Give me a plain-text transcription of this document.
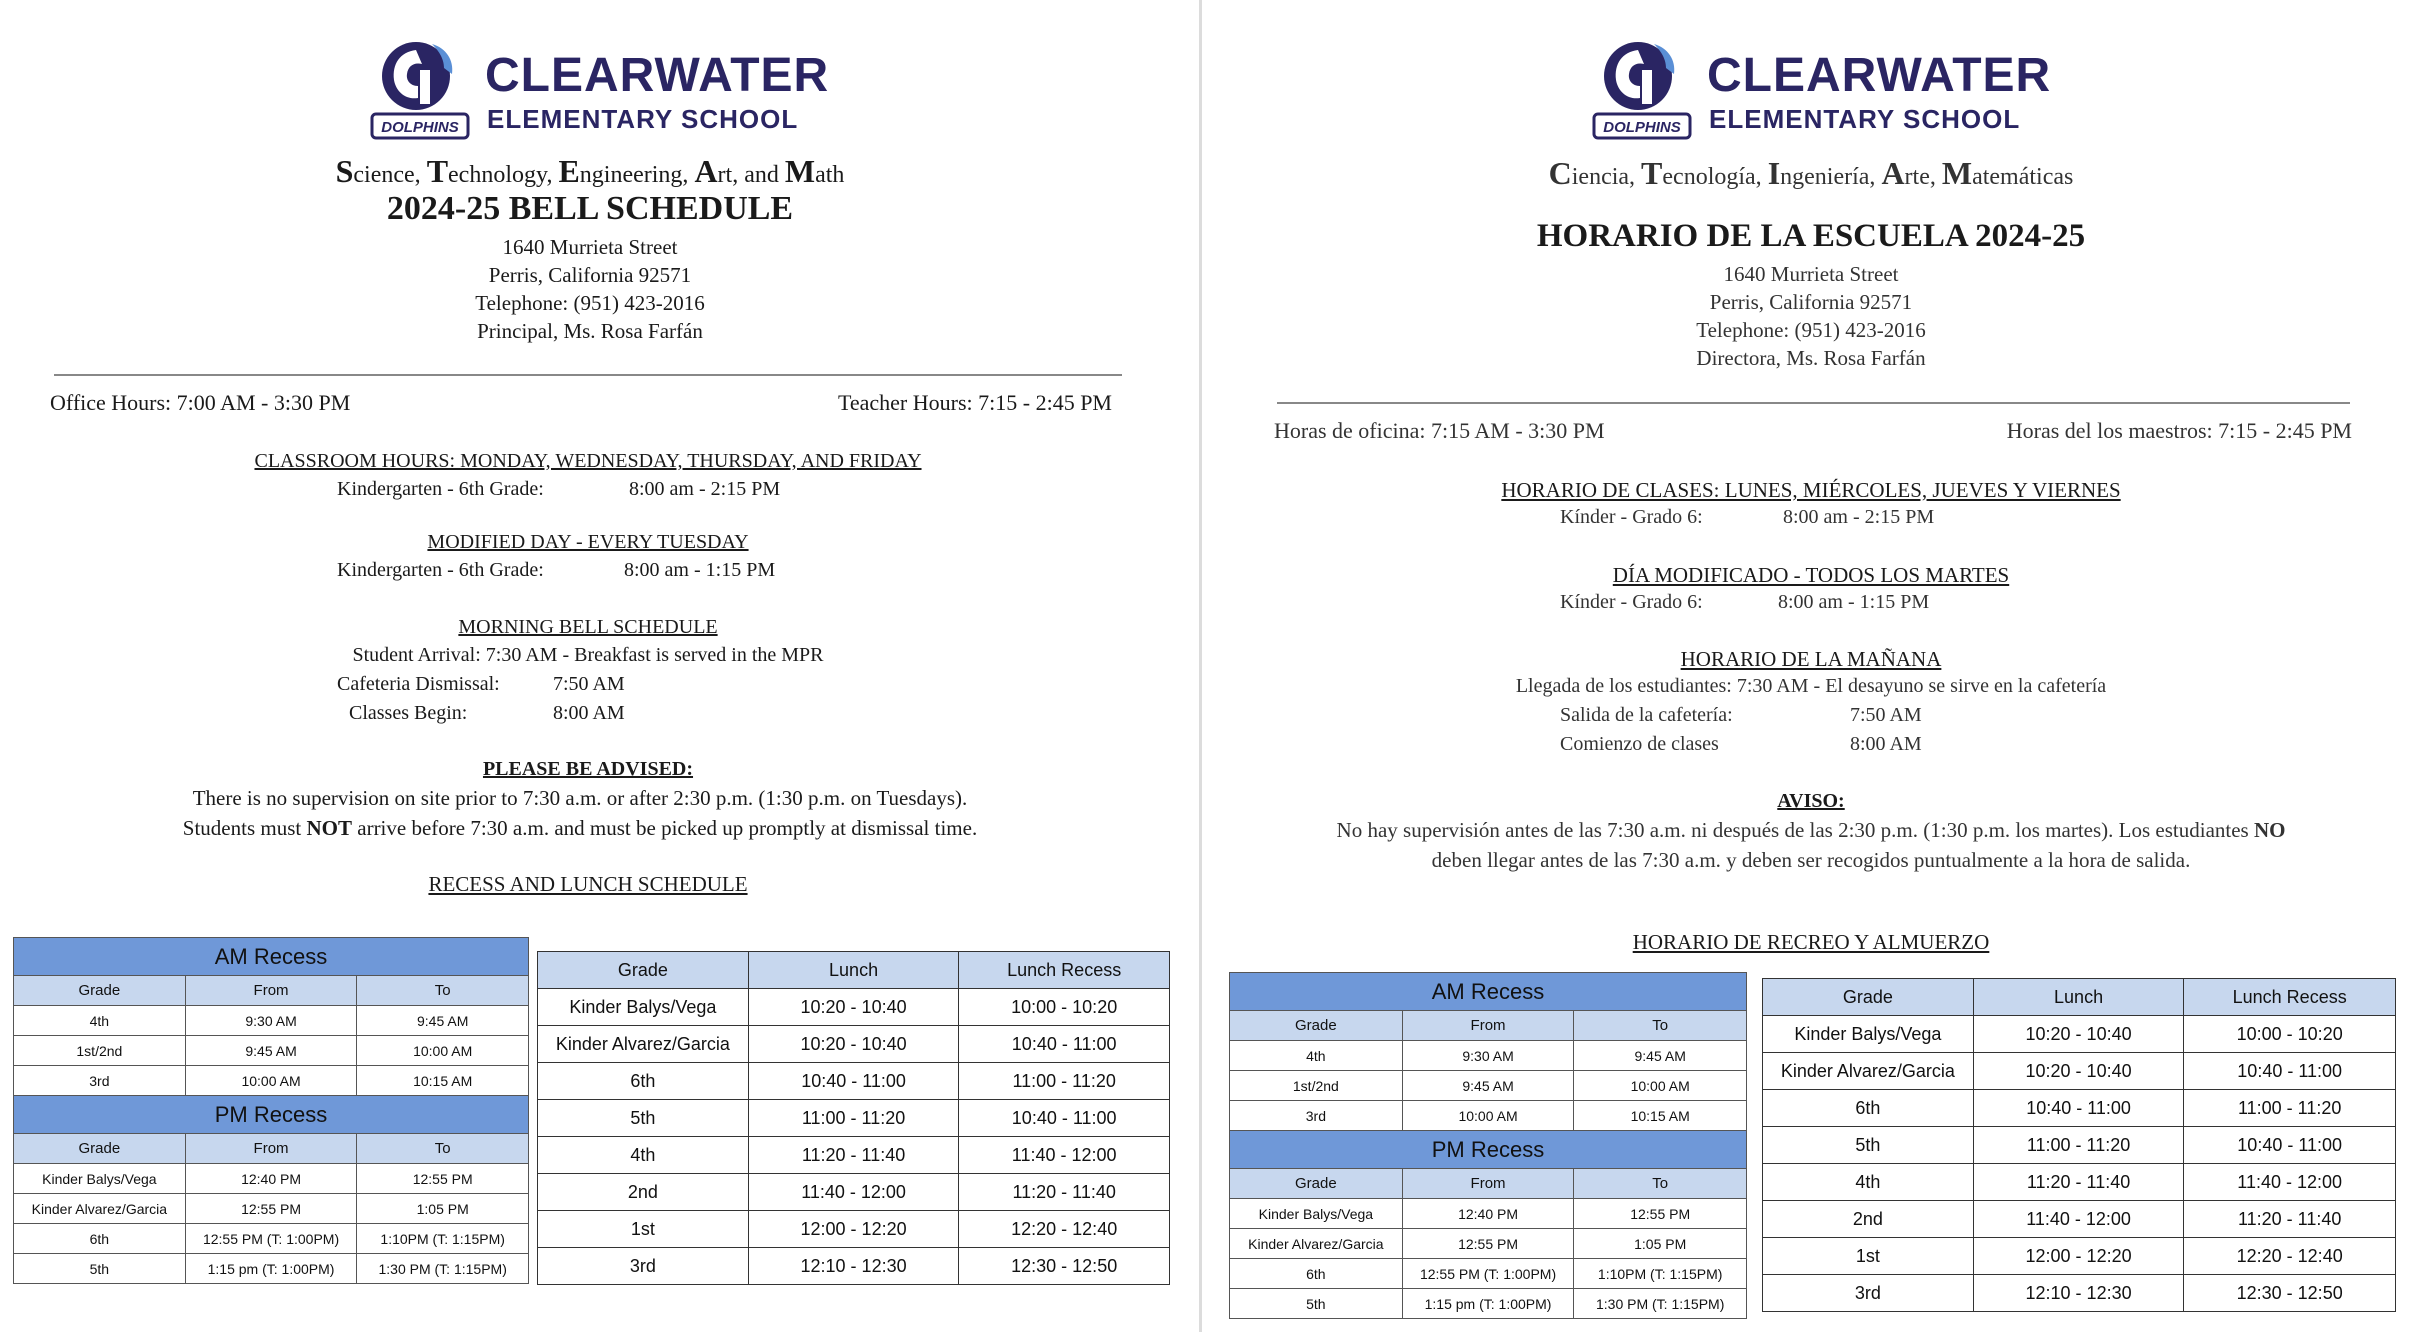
DOLPHINS
CLEARWATER
ELEMENTARY SCHOOL
Science, Technology, Engineering, Art, and Math
2024-25 BELL SCHEDULE
1640 Murrieta Street
Perris, California 92571
Telephone: (951) 423-2016
Principal, Ms. Rosa Farfán
Office Hours: 7:00 AM - 3:30 PM	Teacher Hours: 7:15 - 2:45 PM
CLASSROOM HOURS: MONDAY, WEDNESDAY, THURSDAY, AND FRIDAY
Kindergarten - 6th Grade:	8:00 am - 2:15 PM
MODIFIED DAY - EVERY TUESDAY
Kindergarten - 6th Grade:	8:00 am - 1:15 PM
MORNING BELL SCHEDULE
Student Arrival: 7:30 AM - Breakfast is served in the MPR
Cafeteria Dismissal:	7:50 AM
Classes Begin:	8:00 AM
PLEASE BE ADVISED:
There is no supervision on site prior to 7:30 a.m. or after 2:30 p.m. (1:30 p.m. on Tuesdays).
Students must NOT arrive before 7:30 a.m. and must be picked up promptly at dismissal time.
RECESS AND LUNCH SCHEDULE
AM Recess		
Grade	From	To
4th	9:30 AM	9:45 AM
1st/2nd	9:45 AM	10:00 AM
3rd	10:00 AM	10:15 AM
PM Recess		
Grade	From	To
Kinder Balys/Vega	12:40 PM	12:55 PM
Kinder Alvarez/Garcia	12:55 PM	1:05 PM
6th	12:55 PM (T: 1:00PM)	1:10PM (T: 1:15PM)
5th	1:15 pm (T: 1:00PM)	1:30 PM (T: 1:15PM)
Grade	Lunch	Lunch Recess
Kinder Balys/Vega	10:20 - 10:40	10:00 - 10:20
Kinder Alvarez/Garcia	10:20 - 10:40	10:40 - 11:00
6th	10:40 - 11:00	11:00 - 11:20
5th	11:00 - 11:20	10:40 - 11:00
4th	11:20 - 11:40	11:40 - 12:00
2nd	11:40 - 12:00	11:20 - 11:40
1st	12:00 - 12:20	12:20 - 12:40
3rd	12:10 - 12:30	12:30 - 12:50
DOLPHINS
CLEARWATER
ELEMENTARY SCHOOL
Ciencia, Tecnología, Ingeniería, Arte, Matemáticas
HORARIO DE LA ESCUELA 2024-25
1640 Murrieta Street
Perris, California 92571
Telephone: (951) 423-2016
Directora, Ms. Rosa Farfán
Horas de oficina: 7:15 AM - 3:30 PM	Horas del los maestros: 7:15 - 2:45 PM
HORARIO DE CLASES: LUNES, MIÉRCOLES, JUEVES Y VIERNES
Kínder - Grado 6:	8:00 am - 2:15 PM
DÍA MODIFICADO - TODOS LOS MARTES
Kínder - Grado 6:	8:00 am - 1:15 PM
HORARIO DE LA MAÑANA
Llegada de los estudiantes: 7:30 AM - El desayuno se sirve en la cafetería
Salida de la cafetería:	7:50 AM
Comienzo de clases	8:00 AM
AVISO:
No hay supervisión antes de las 7:30 a.m. ni después de las 2:30 p.m. (1:30 p.m. los martes). Los estudiantes NO
deben llegar antes de las 7:30 a.m. y deben ser recogidos puntualmente a la hora de salida.
HORARIO DE RECREO Y ALMUERZO
AM Recess		
Grade	From	To
4th	9:30 AM	9:45 AM
1st/2nd	9:45 AM	10:00 AM
3rd	10:00 AM	10:15 AM
PM Recess		
Grade	From	To
Kinder Balys/Vega	12:40 PM	12:55 PM
Kinder Alvarez/Garcia	12:55 PM	1:05 PM
6th	12:55 PM (T: 1:00PM)	1:10PM (T: 1:15PM)
5th	1:15 pm (T: 1:00PM)	1:30 PM (T: 1:15PM)
Grade	Lunch	Lunch Recess
Kinder Balys/Vega	10:20 - 10:40	10:00 - 10:20
Kinder Alvarez/Garcia	10:20 - 10:40	10:40 - 11:00
6th	10:40 - 11:00	11:00 - 11:20
5th	11:00 - 11:20	10:40 - 11:00
4th	11:20 - 11:40	11:40 - 12:00
2nd	11:40 - 12:00	11:20 - 11:40
1st	12:00 - 12:20	12:20 - 12:40
3rd	12:10 - 12:30	12:30 - 12:50
